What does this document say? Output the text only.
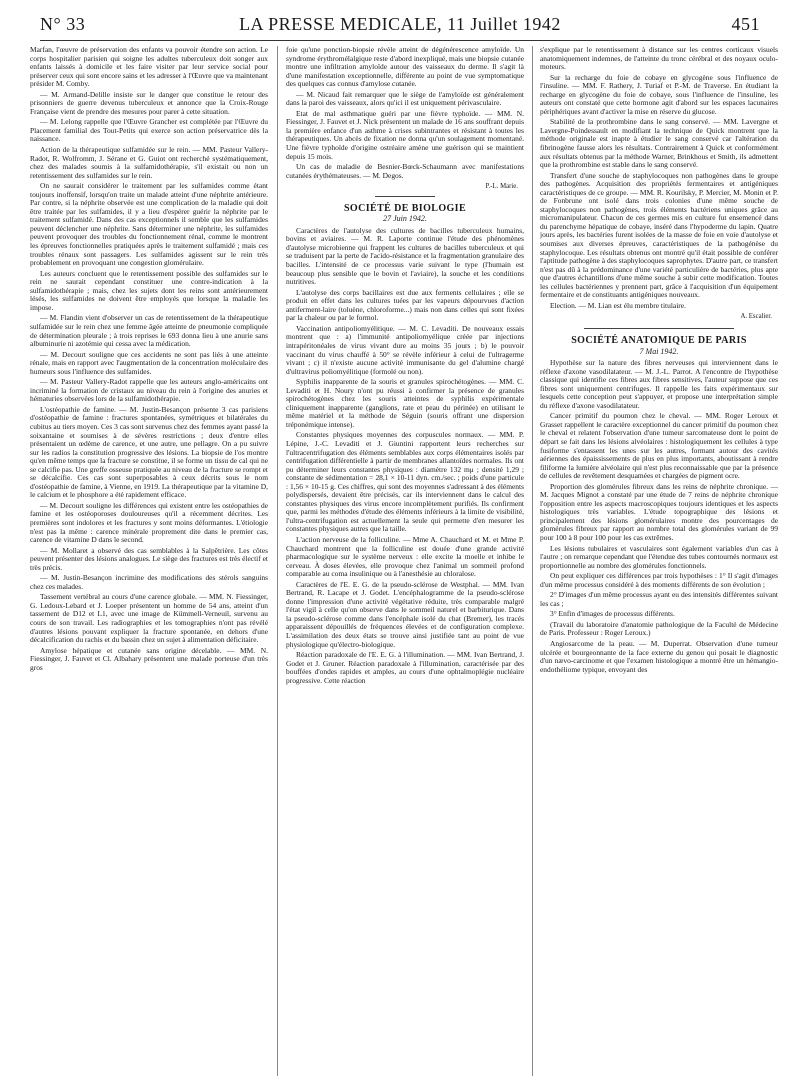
N° 33	LA PRESSE MEDICALE, 11 Juillet 1942	451

Marfan, l'œuvre de préservation des enfants va pouvoir étendre son action. Le corps hospitalier parisien qui soigne les adultes tuberculeux doit songer aux enfants laissés à domicile et les faire visiter par leur service social pour préserver ceux qui sont encore sains et les adresser à l'Œuvre que va maintenant présider M. Comby.

— M. Armand-Delille insiste sur le danger que constitue le retour des prisonniers de guerre devenus tuberculeux et annonce que la Croix-Rouge Française vient de prendre des mesures pour parer à cette situation.

— M. Lelong rappelle que l'Œuvre Grancher est complétée par l'Œuvre du Placement familial des Tout-Petits qui exerce son action préservatrice dès la naissance.

Action de la thérapeutique sulfamidée sur le rein. — MM. Pasteur Vallery-Radot, R. Wolfromm, J. Sérane et G. Guiot ont recherché systématiquement, chez des malades soumis à la sulfamidothérapie, s'il existait ou non un retentissement des sulfamides sur le rein.

On ne saurait considérer le traitement par les sulfamides comme étant toujours inoffensif, lorsqu'on traite un malade atteint d'une néphrite antérieure. Par contre, si la néphrite observée est une complication de la maladie qui doit être traitée par les sulfamides, il y a lieu d'espérer guérir la néphrite par le traitement sulfamidé. Dans des cas exceptionnels il semble que les sulfamides peuvent déclencher une néphrite. Sans déterminer une néphrite, les sulfamides peuvent provoquer des troubles du fonctionnement rénal, comme le montrent les épreuves fonctionnelles pratiquées après le traitement sulfamidé ; mais ces troubles rénaux sont passagers. Les sulfamides agissent sur le rein très probablement en provoquant une congestion glomérulaire.

Les auteurs concluent que le retentissement possible des sulfamides sur le rein ne saurait cependant constituer une contre-indication à la sulfamidothérapie ; mais, chez les sujets dont les reins sont antérieurement lésés, les sulfamides ne doivent être employés que lorsque la maladie les impose.

— M. Flandin vient d'observer un cas de retentissement de la thérapeutique sulfamidée sur le rein chez une femme âgée atteinte de pneumonie compliquée de détermination pleurale ; à trois reprises le 693 donna lieu à une anurie sans albuminurie ni azotémie qui cessa avec la médication.

— M. Decourt souligne que ces accidents ne sont pas liés à une atteinte rénale, mais en rapport avec l'augmentation de la concentration moléculaire des humeurs sous l'influence des sulfamides.

— M. Pasteur Vallery-Radot rappelle que les auteurs anglo-américains ont incriminé la formation de cristaux au niveau du rein à l'origine des anuries et hématuries observées lors de la sulfamidothérapie.

L'ostéopathie de famine. — M. Justin-Besançon présente 3 cas parisiens d'ostéopathie de famine : fractures spontanées, symétriques et bilatérales du cubitus au tiers moyen. Ces 3 cas sont survenus chez des femmes ayant passé la soixantaine et soumises à de sévères restrictions ; deux d'entre elles présentaient un œdème de carence, et une autre, une pellagre. On a pu suivre sur les radios la constitution progressive des lésions. La biopsie de l'os montre qu'en même temps que la fracture se constitue, il se forme un tissu de cal qui ne se calcifie pas. Une greffe osseuse pratiquée au niveau de la fracture se rompt et se décalcifie. Ces cas sont superposables à ceux décrits sous le nom d'ostéopathie de famine, à Vienne, en 1919. La thérapeutique par la vitamine D, le calcium et le phosphore a été rapidement efficace.

— M. Decourt souligne les différences qui existent entre les ostéopathies de famine et les ostéoporoses douloureuses qu'il a récemment décrites. Les premières sont indolores et les fractures y sont moins déformantes. L'étiologie n'est pas la même : carence minérale proprement dite dans le premier cas, carence de vitamine D dans le second.

— M. Mollaret a observé des cas semblables à la Salpêtrière. Les côtes peuvent présenter des lésions analogues. Le siège des fractures est très électif et très précis.

— M. Justin-Besançon incrimine des modifications des stérols sanguins chez ces malades.

Tassement vertébral au cours d'une carence globale. — MM. N. Fiessinger, G. Ledoux-Lebard et J. Loeper présentent un homme de 54 ans, atteint d'un tassement de D12 et L1, avec une image de Kümmell-Verneuil, survenu au cours de son travail. Les radiographies et les tomographies n'ont pas révélé d'autres lésions pouvant expliquer la fracture spontanée, en dehors d'une décalcification du rachis et du bassin chez un sujet à alimentation déficitaire.

Amylose hépatique et cutanée sans origine décelable. — MM. N. Fiessinger, J. Fauvet et Cl. Albahary présentent une malade porteuse d'un très gros

foie qu'une ponction-biopsie révèle atteint de dégénérescence amyloïde. Un syndrome érythromélalgique reste d'abord inexpliqué, mais une biopsie cutanée montre une infiltration amyloïde autour des vaisseaux du derme. Il s'agit là d'une manifestation exceptionnelle, différente au point de vue symptomatique des quelques cas connus d'amylose cutanée.

— M. Nicaud fait remarquer que le siège de l'amyloïde est généralement dans la paroi des vaisseaux, alors qu'ici il est uniquement périvasculaire.

Etat de mal asthmatique guéri par une fièvre typhoïde. — MM. N. Fiessinger, J. Fauvet et J. Nick présentent un malade de 16 ans souffrant depuis la première enfance d'un asthme à crises subintrantes et résistant à toutes les thérapeutiques. Un abcès de fixation ne donna qu'un soulagement momentané. Une fièvre typhoïde d'origine ostréaire amène une guérison qui se maintient depuis 15 mois.

Un cas de maladie de Besnier-Bœck-Schaumann avec manifestations cutanées érythémateuses. — M. Degos.

P.-L. Marie.

SOCIÉTÉ DE BIOLOGIE

27 Juin 1942.

Caractères de l'autolyse des cultures de bacilles tuberculeux humains, bovins et aviaires. — M. R. Laporte continue l'étude des phénomènes d'autolyse microbienne qui frappent les cultures de bacilles tuberculeux et qui se traduisent par la perte de l'acido-résistance et la fragmentation granulaire des bacilles. L'intensité de ce processus varie suivant le type (l'humain est beaucoup plus sensible que le bovin et l'aviaire), la souche et les conditions nutritives.

L'autolyse des corps bacillaires est due aux ferments cellulaires ; elle se produit en effet dans les cultures tuées par les vapeurs dépourvues d'action antiferment-laire (toluène, chloroforme...) mais non dans celles qui sont fixées par la chaleur ou par le formol.

Vaccination antipoliomyélitique. — M. C. Levaditi. De nouveaux essais montrent que : a) l'immunité antipoliomyélique créée par injections intrapéritonéales de virus vivant dure au moins 35 jours ; b) le pouvoir vaccinant du virus chauffé à 50° se révèle inférieur à celui de l'ultragerme vivant ; c) il n'existe aucune activité immunisante du gel d'alumine chargé d'ultravirus poliomyélitique (formolé ou non).

Syphilis inapparente de la souris et granules spirochétogènes. — MM. C. Levaditi et H. Noury n'ont pu réussi à confirmer la présence de granules spirochétogènes chez les souris atteintes de syphilis expérimentale cliniquement inapparente (ganglions, rate et peau du périnée) en utilisant le même matériel et la méthode de Séguin (souris offrant une dispersion tréponémique intense).

Constantes physiques moyennes des corpuscules normaux. — MM. P. Lépine, J.-C. Levaditi et J. Giuntini rapportent leurs recherches sur l'ultracentrifugation des éléments semblables aux corps élémentaires isolés par centrifugation différentielle à partir de membranes allantoïdes normales. Ils ont pu déterminer leurs constantes physiques : diamètre 132 mμ ; densité 1,29 ; constante de sédimentation = 28,1 × 10-11 dyn. cm./sec. ; poids d'une particule : 1,56 × 10-15 g. Ces chiffres, qui sont des moyennes s'adressant à des éléments polydispersés, devaient être précisés, car ils interviennent dans le calcul des constantes physiques des virus encore incomplètement purifiés. Ils confirment que, parmi les méthodes d'étude des éléments inférieurs à la limite de visibilité, l'ultra-centrifugation est actuellement la seule qui permette d'en mesurer les constantes physiques autres que la taille.

L'action nerveuse de la folliculine. — Mme A. Chauchard et M. et Mme P. Chauchard montrent que la folliculine est douée d'une grande activité pharmacologique sur le système nerveux : elle excite la moelle et inhibe le cerveau. À doses élevées, elle provoque chez l'animal un sommeil profond comparable au coma insulinique ou à l'anesthésie au chloralose.

Caractères de l'E. E. G. de la pseudo-sclérose de Westphal. — MM. Ivan Bertrand, R. Lacape et J. Godet. L'encéphalogramme de la pseudo-sclérose donne l'impression d'une activité végétative réduite, très comparable malgré l'état vigil à celle qu'on observe dans le sommeil naturel et barbiturique. Dans la pseudo-sclérose comme dans l'encéphale isolé du chat (Bremer), les tracés apparaissent dépouillés de fréquences élevées et de configuration complexe. L'assimilation des deux états se trouve ainsi justifiée tant au point de vue physiologique qu'électro-biologique.

Réaction paradoxale de l'E. E. G. à l'illumination. — MM. Ivan Bertrand, J. Godet et J. Gruner. Réaction paradoxale à l'illumination, caractérisée par des bouffées d'ondes rapides et amples, au cours d'une ophtalmoplégie nucléaire progressive. Cette réaction

s'explique par le retentissement à distance sur les centres corticaux visuels anatomiquement indemnes, de l'atteinte du tronc cérébral et des noyaux oculo-moteurs.

Sur la recharge du foie de cobaye en glycogène sous l'influence de l'insuline. — MM. F. Rathery, J. Turiaf et P.-M. de Traverse. En étudiant la recharge en glycogène du foie de cobaye, sous l'influence de l'insuline, les auteurs ont constaté que cette hormone agit d'abord sur les espaces lacunaires périphériques avant d'activer la mise en réserve du glucose.

Stabilité de la prothrombine dans le sang conservé. — MM. Lavergne et Lavergne-Poindessault en modifiant la technique de Quick montrent que la méthode originale est inapte à étudier le sang conservé car l'altération du fibrinogène fausse alors les résultats. Contrairement à Quick et conformément aux résultats obtenus par la méthode Warner, Brinkhous et Smith, ils admettent que la prothrombine est stable dans le sang conservé.

Transfert d'une souche de staphylocoques non pathogènes dans le groupe des pathogènes. Acquisition des propriétés fermentaires et antigéniques caractéristiques de ce groupe. — MM. R. Kourilsky, P. Mercier, M. Monin et P. de Fonbrune ont isolé dans trois colonies d'une même souche de staphylocoques non pathogènes, trois éléments bactériens uniques grâce au micromanipulateur. Chacun de ces germes mis en culture fut ensemencé dans du parenchyme hépatique de cobaye, inséré dans l'hypoderme du lapin. Quatre jours après, les bactéries furent isolées de la masse de foie en voie d'autolyse et soumises aux diverses épreuves, caractéristiques de la pathogénèse du staphylocoque. Les résultats obtenus ont montré qu'il était possible de conférer l'aptitude pathogène à des staphylocoques saprophytes. D'autre part, ce transfert n'est pas dû à la prédominance d'une variété particulière de bactéries, plus apte que d'autres échantillons d'une même souche à subir cette modification. Toutes les cellules bactériennes y prennent part, grâce à l'acquisition d'un équipement fermentaire et de constituants antigéniques nouveaux.

Election. — M. Lian est élu membre titulaire.

A. Escalier.

SOCIÉTÉ ANATOMIQUE DE PARIS

7 Mai 1942.

Hypothèse sur la nature des fibres nerveuses qui interviennent dans le réflexe d'axone vasodilatateur. — M. J.-L. Parrot. A l'encontre de l'hypothèse classique qui identifie ces fibres aux fibres sensitives, l'auteur suppose que ces fibres sont uniquement centrifuges. Il rappelle les faits expérimentaux sur lesquels cette conception peut s'appuyer, et propose une interprétation simple du réflexe d'axone vasodilatateur.

Cancer primitif du poumon chez le cheval. — MM. Roger Leroux et Grasset rappellent le caractère exceptionnel du cancer primitif du poumon chez le cheval et relatent l'observation d'une tumeur sarcomateuse dont le point de départ se fait dans les lésions alvéolaires : histologiquement les cellules à type fusiforme s'entassent les unes sur les autres, formant autour des cavités aériennes des épaississements de plus en plus importants, aboutissant à rendre filiforme la lumière alvéolaire qui n'est plus reconnaissable que par la présence de cellules de revêtement desquamées et chargées de pigment ocre.

Proportion des glomérules fibreux dans les reins de néphrite chronique. — M. Jacques Mignot a constaté par une étude de 7 reins de néphrite chronique l'opposition entre les aspects macroscopiques toujours identiques et les aspects histologiques très variables. L'étude topographique des lésions et principalement des lésions glomérulaires montre des pourcentages de glomérules fibreux par rapport au nombre total des glomérules variant de 99 pour 100 à 8 pour 100 pour les cas extrêmes.

Les lésions tubulaires et vasculaires sont également variables d'un cas à l'autre ; on remarque cependant que l'étendue des tubes contournés normaux est proportionnelle au nombre des glomérules fonctionnels.

On peut expliquer ces différences par trois hypothèses : 1° Il s'agit d'images d'un même processus considéré à des moments différents de son évolution ;

2° D'images d'un même processus ayant eu des intensités différentes suivant les cas ;

3° Enfin d'images de processus différents.

(Travail du laboratoire d'anatomie pathologique de la Faculté de Médecine de Paris. Professeur : Roger Leroux.)

Angiosarcome de la peau. — M. Duperrat. Observation d'une tumeur ulcérée et bourgeonnante de la face externe du genou qui posait le diagnostic d'un nævo-carcinome et que l'examen histologique a montré être un hémangio-endothéliome typique, envoyant des
